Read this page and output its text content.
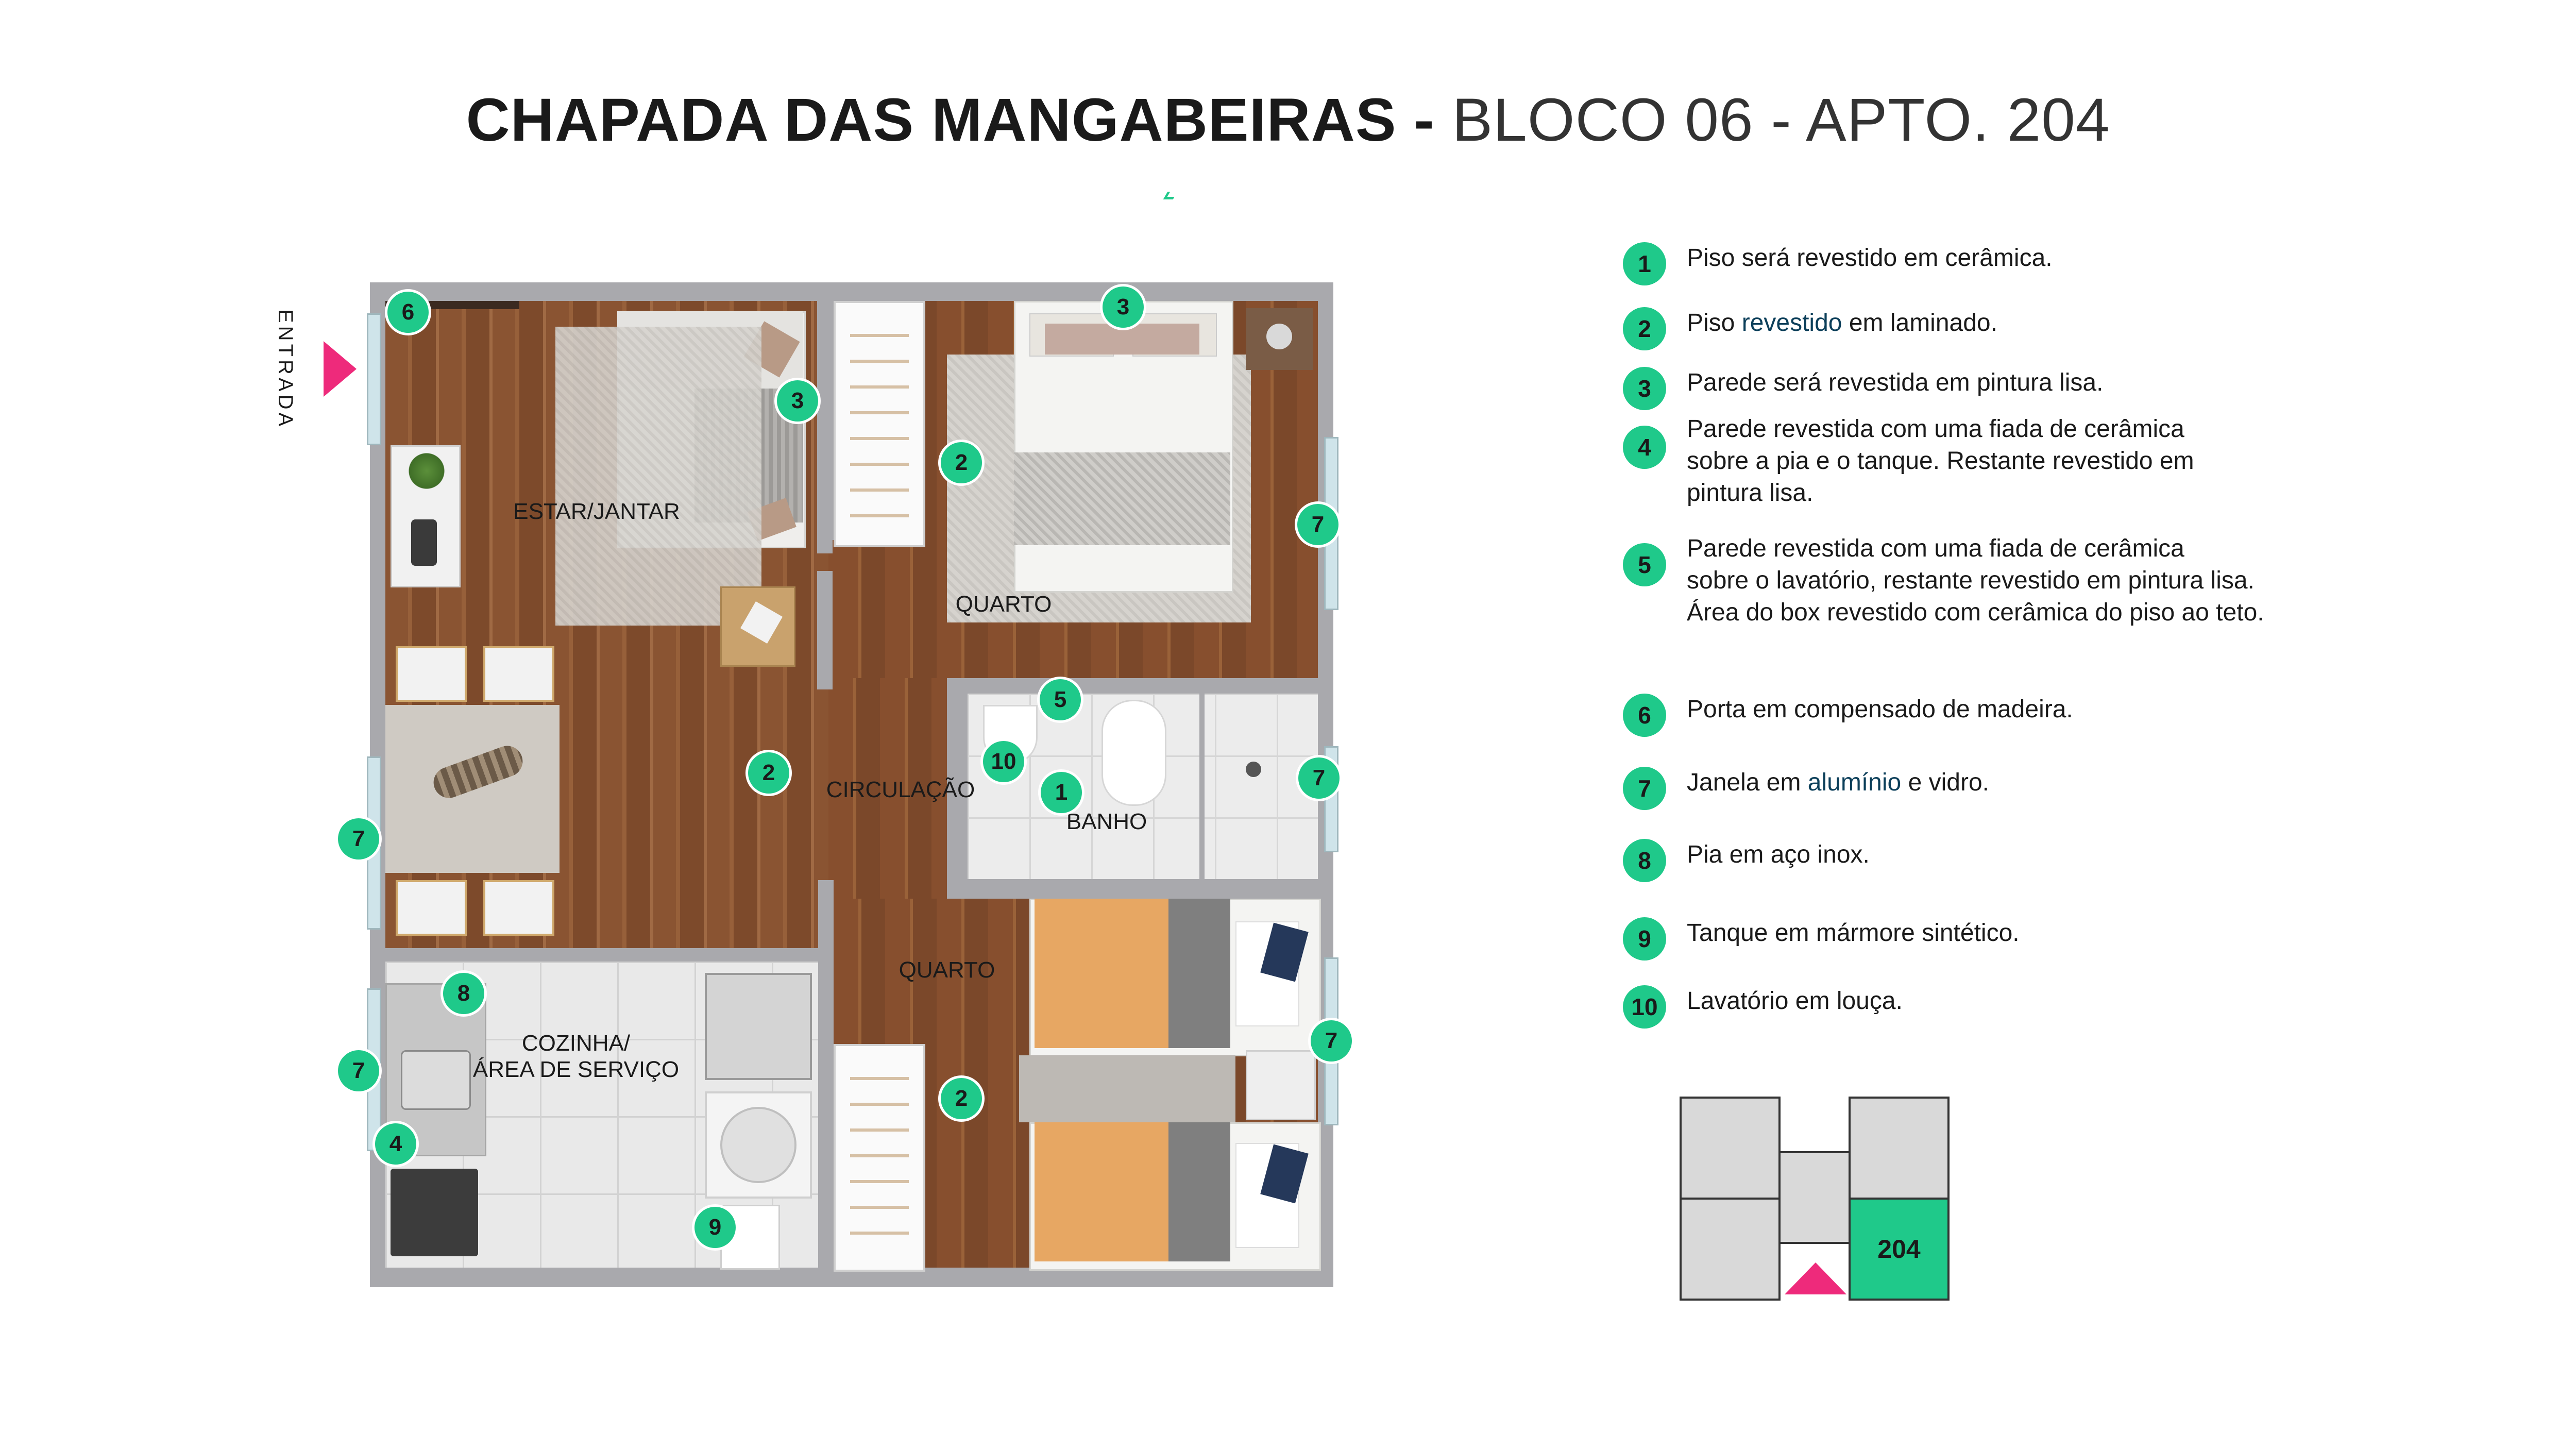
CHAPADA DAS MANGABEIRAS - BLOCO 06 - APTO. 204
ENTRADA
ESTAR/JANTAR
QUARTO
CIRCULAÇÃO
BANHO
QUARTO
COZINHA/
ÁREA DE SERVIÇO
6
3
3
2
7
5
10
1
7
2
7
8
7
4
9
2
7
1	Piso será revestido em cerâmica.
2	Piso revestido em laminado.
3	Parede será revestida em pintura lisa.
4
Parede revestida com uma fiada de cerâmica
sobre a pia e o tanque. Restante revestido em
pintura lisa.
5
Parede revestida com uma fiada de cerâmica
sobre o lavatório, restante revestido em pintura lisa.
Área do box revestido com cerâmica do piso ao teto.
6	Porta em compensado de madeira.
7	Janela em alumínio e vidro.
8	Pia em aço inox.
9	Tanque em mármore sintético.
10	Lavatório em louça.
204
